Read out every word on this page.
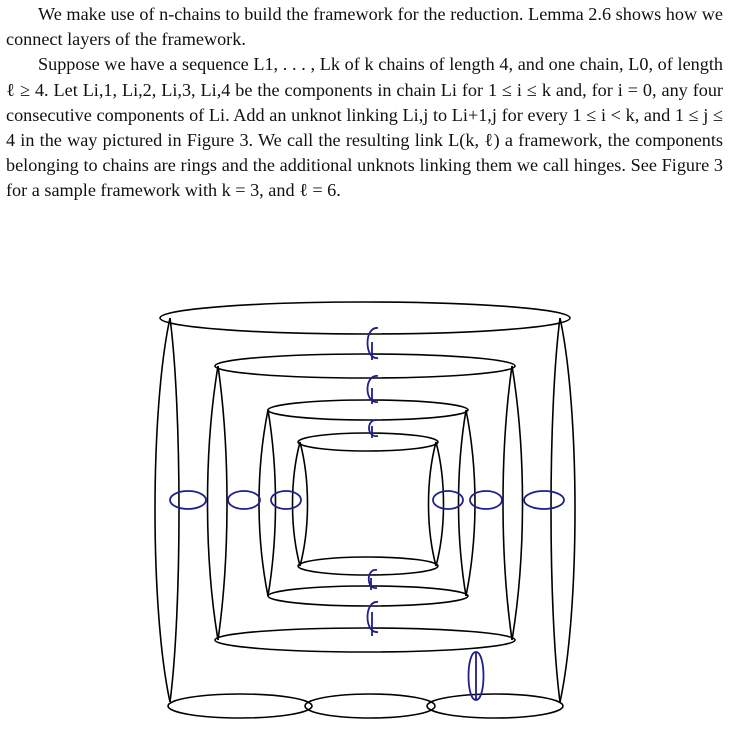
We make use of n-chains to build the framework for the reduction. Lemma 2.6 shows how we connect layers of the framework.

Suppose we have a sequence L1, . . . , Lk of k chains of length 4, and one chain, L0, of length ℓ ≥ 4. Let Li,1, Li,2, Li,3, Li,4 be the components in chain Li for 1 ≤ i ≤ k and, for i = 0, any four consecutive components of Li. Add an unknot linking Li,j to Li+1,j for every 1 ≤ i < k, and 1 ≤ j ≤ 4 in the way pictured in Figure 3. We call the resulting link L(k, ℓ) a framework, the components belonging to chains are rings and the additional unknots linking them we call hinges. See Figure 3 for a sample framework with k = 3, and ℓ = 6.
